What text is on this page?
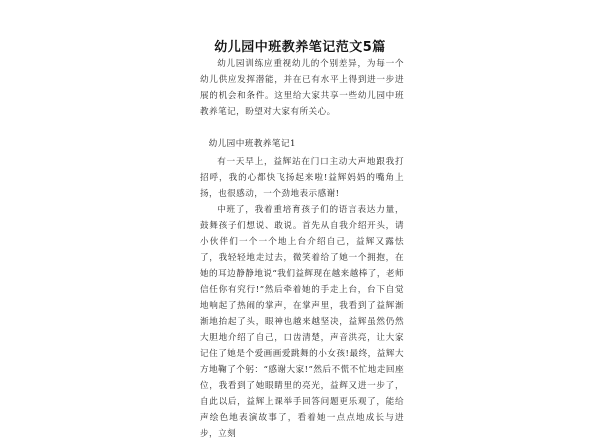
幼儿园中班教养笔记范文5篇

幼儿园训练应重视幼儿的个别差异，为每一个幼儿供应发挥潜能，并在已有水平上得到进一步进展的机会和条件。这里给大家共享一些幼儿园中班教养笔记，盼望对大家有所关心。

幼儿园中班教养笔记1

有一天早上，益辉站在门口主动大声地跟我打招呼，我的心都快飞扬起来啦!益辉妈妈的嘴角上扬，也很感动，一个劲地表示感谢!

中班了，我着重培育孩子们的语言表达力量，鼓舞孩子们想说、敢说。首先从自我介绍开头，请小伙伴们一个一个地上台介绍自己，益辉又露怯了，我轻轻地走过去，微笑着给了她一个拥抱，在她的耳边静静地说“我们益辉现在越来越棒了，老师信任你有究行!”然后牵着她的手走上台，台下自觉地响起了热闹的掌声，在掌声里，我看到了益辉渐渐地抬起了头，眼神也越来越坚决，益辉虽然仍然大胆地介绍了自己，口齿清楚，声音洪亮，让大家记住了她是个爱画画爱跳舞的小女孩!最终，益辉大方地鞠了个躬：“感谢大家!”然后不慌不忙地走回座位，我看到了她眼睛里的亮光，益辉又进一步了，自此以后，益辉上课举手回答问题更乐观了，能给声绘色地表演故事了，看着她一点点地成长与进步，立刻
